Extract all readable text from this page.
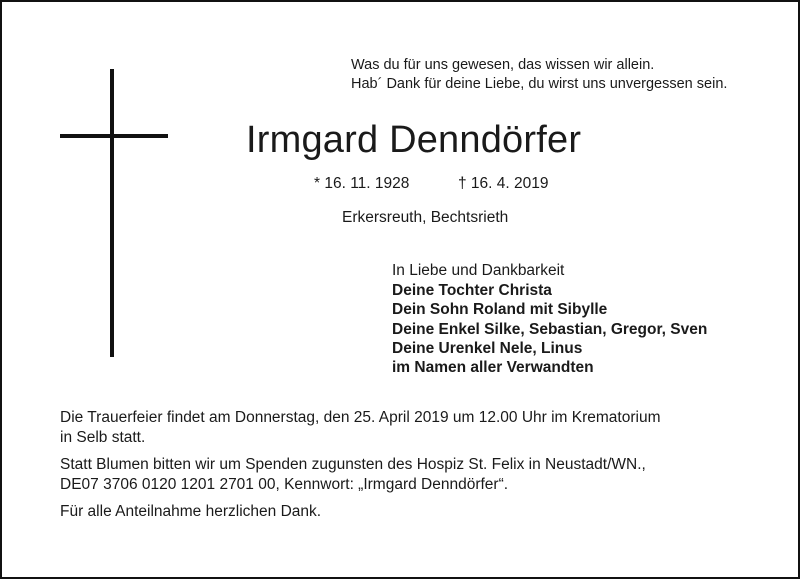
Was du für uns gewesen, das wissen wir allein.
Hab´ Dank für deine Liebe, du wirst uns unvergessen sein.
Irmgard Denndörfer
* 16. 11. 1928	† 16. 4. 2019
Erkersreuth, Bechtsrieth
In Liebe und Dankbarkeit
Deine Tochter Christa
Dein Sohn Roland mit Sibylle
Deine Enkel Silke, Sebastian, Gregor, Sven
Deine Urenkel Nele, Linus
im Namen aller Verwandten

Die Trauerfeier findet am Donnerstag, den 25. April 2019 um 12.00 Uhr im Krematorium
in Selb statt.

Statt Blumen bitten wir um Spenden zugunsten des Hospiz St. Felix in Neustadt/WN.,
DE07 3706 0120 1201 2701 00, Kennwort: „Irmgard Denndörfer“.

Für alle Anteilnahme herzlichen Dank.
